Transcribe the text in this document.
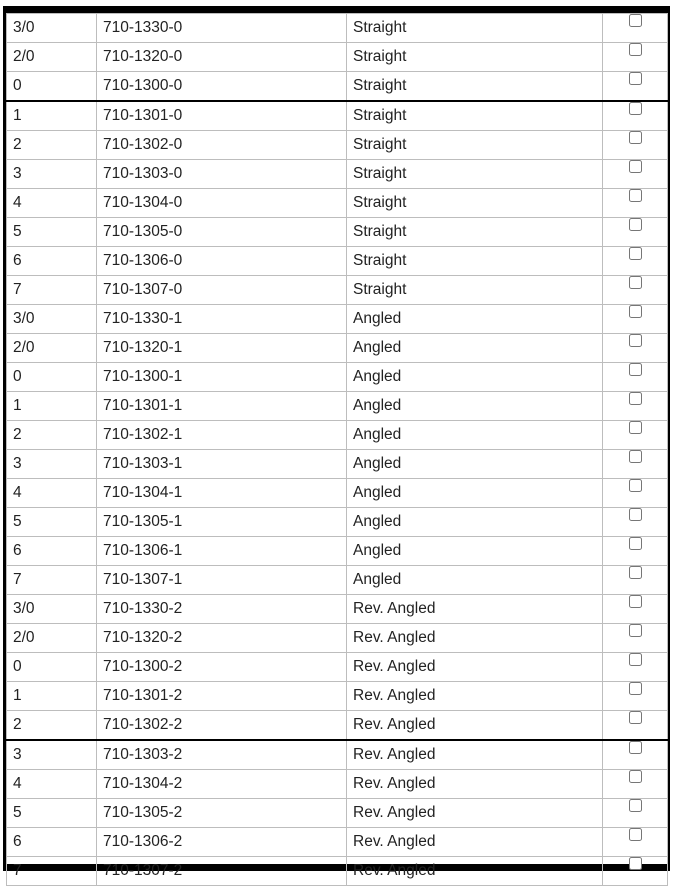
3/0	710-1330-0	Straight	
2/0	710-1320-0	Straight	
0	710-1300-0	Straight	
1	710-1301-0	Straight	
2	710-1302-0	Straight	
3	710-1303-0	Straight	
4	710-1304-0	Straight	
5	710-1305-0	Straight	
6	710-1306-0	Straight	
7	710-1307-0	Straight	
3/0	710-1330-1	Angled	
2/0	710-1320-1	Angled	
0	710-1300-1	Angled	
1	710-1301-1	Angled	
2	710-1302-1	Angled	
3	710-1303-1	Angled	
4	710-1304-1	Angled	
5	710-1305-1	Angled	
6	710-1306-1	Angled	
7	710-1307-1	Angled	
3/0	710-1330-2	Rev. Angled	
2/0	710-1320-2	Rev. Angled	
0	710-1300-2	Rev. Angled	
1	710-1301-2	Rev. Angled	
2	710-1302-2	Rev. Angled	
3	710-1303-2	Rev. Angled	
4	710-1304-2	Rev. Angled	
5	710-1305-2	Rev. Angled	
6	710-1306-2	Rev. Angled	
7	710-1307-2	Rev. Angled	
